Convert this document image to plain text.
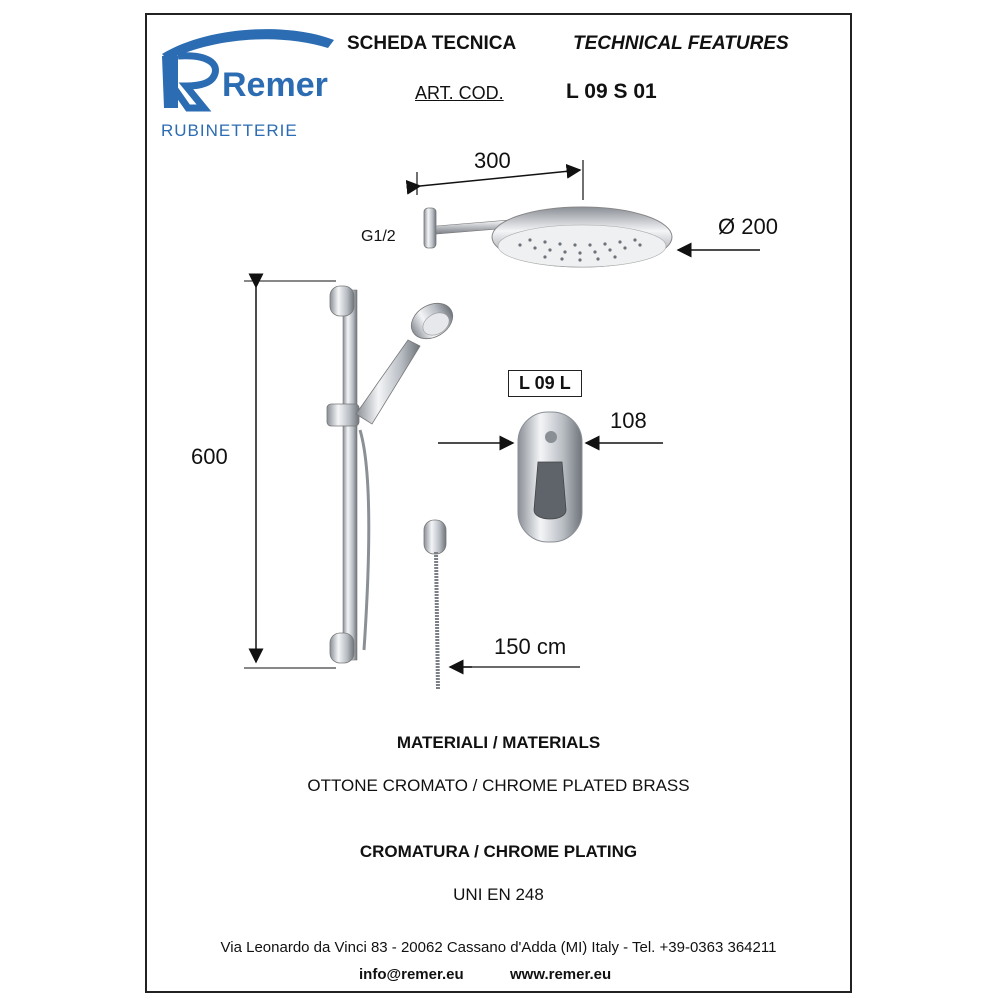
Remer
RUBINETTERIE
SCHEDA TECNICA	TECHNICAL FEATURES
ART. COD.	L 09 S 01
300
G1/2	Ø 200
600
L 09 L
108
150 cm
MATERIALI / MATERIALS
OTTONE CROMATO / CHROME PLATED BRASS
CROMATURA / CHROME PLATING
UNI EN 248
Via Leonardo da Vinci 83 - 20062 Cassano d'Adda (MI) Italy - Tel. +39-0363 364211
info@remer.eu	www.remer.eu
